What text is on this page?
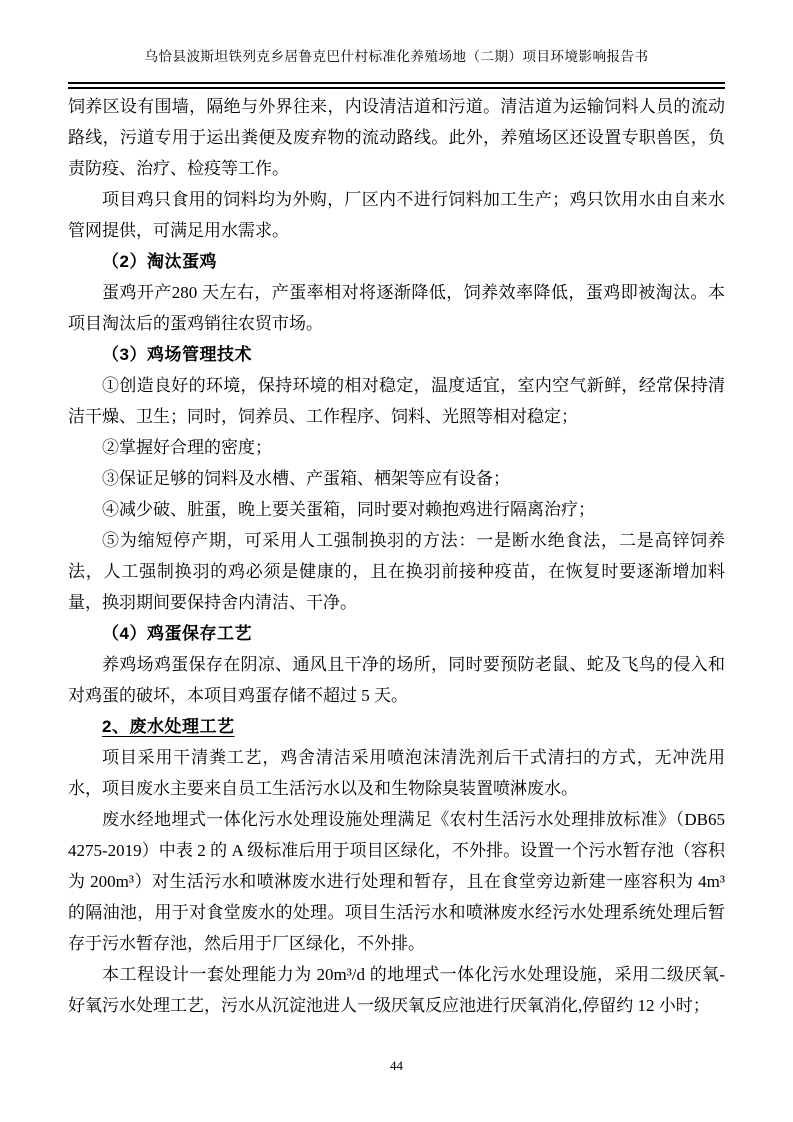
乌恰县波斯坦铁列克乡居鲁克巴什村标准化养殖场地（二期）项目环境影响报告书

饲养区设有围墙，隔绝与外界往来，内设清洁道和污道。清洁道为运输饲料人员的流动路线，污道专用于运出粪便及废弃物的流动路线。此外，养殖场区还设置专职兽医，负责防疫、治疗、检疫等工作。

项目鸡只食用的饲料均为外购，厂区内不进行饲料加工生产；鸡只饮用水由自来水管网提供，可满足用水需求。

（2）淘汰蛋鸡

蛋鸡开产280 天左右，产蛋率相对将逐渐降低，饲养效率降低，蛋鸡即被淘汰。本项目淘汰后的蛋鸡销往农贸市场。

（3）鸡场管理技术

①创造良好的环境，保持环境的相对稳定，温度适宜，室内空气新鲜，经常保持清洁干燥、卫生；同时，饲养员、工作程序、饲料、光照等相对稳定；

②掌握好合理的密度；

③保证足够的饲料及水槽、产蛋箱、栖架等应有设备；

④减少破、脏蛋，晚上要关蛋箱，同时要对赖抱鸡进行隔离治疗；

⑤为缩短停产期，可采用人工强制换羽的方法：一是断水绝食法，二是高锌饲养法，人工强制换羽的鸡必须是健康的，且在换羽前接种疫苗，在恢复时要逐渐增加料量，换羽期间要保持舍内清洁、干净。

（4）鸡蛋保存工艺

养鸡场鸡蛋保存在阴凉、通风且干净的场所，同时要预防老鼠、蛇及飞鸟的侵入和对鸡蛋的破坏，本项目鸡蛋存储不超过 5 天。

2、废水处理工艺

项目采用干清粪工艺，鸡舍清洁采用喷泡沫清洗剂后干式清扫的方式，无冲洗用水，项目废水主要来自员工生活污水以及和生物除臭装置喷淋废水。

废水经地埋式一体化污水处理设施处理满足《农村生活污水处理排放标准》（DB65 4275-2019）中表 2 的 A 级标准后用于项目区绿化，不外排。设置一个污水暂存池（容积为 200m³）对生活污水和喷淋废水进行处理和暂存，且在食堂旁边新建一座容积为 4m³ 的隔油池，用于对食堂废水的处理。项目生活污水和喷淋废水经污水处理系统处理后暂存于污水暂存池，然后用于厂区绿化，不外排。

本工程设计一套处理能力为 20m³/d 的地埋式一体化污水处理设施，采用二级厌氧-好氧污水处理工艺，污水从沉淀池进人一级厌氧反应池进行厌氧消化,停留约 12 小时；

44
